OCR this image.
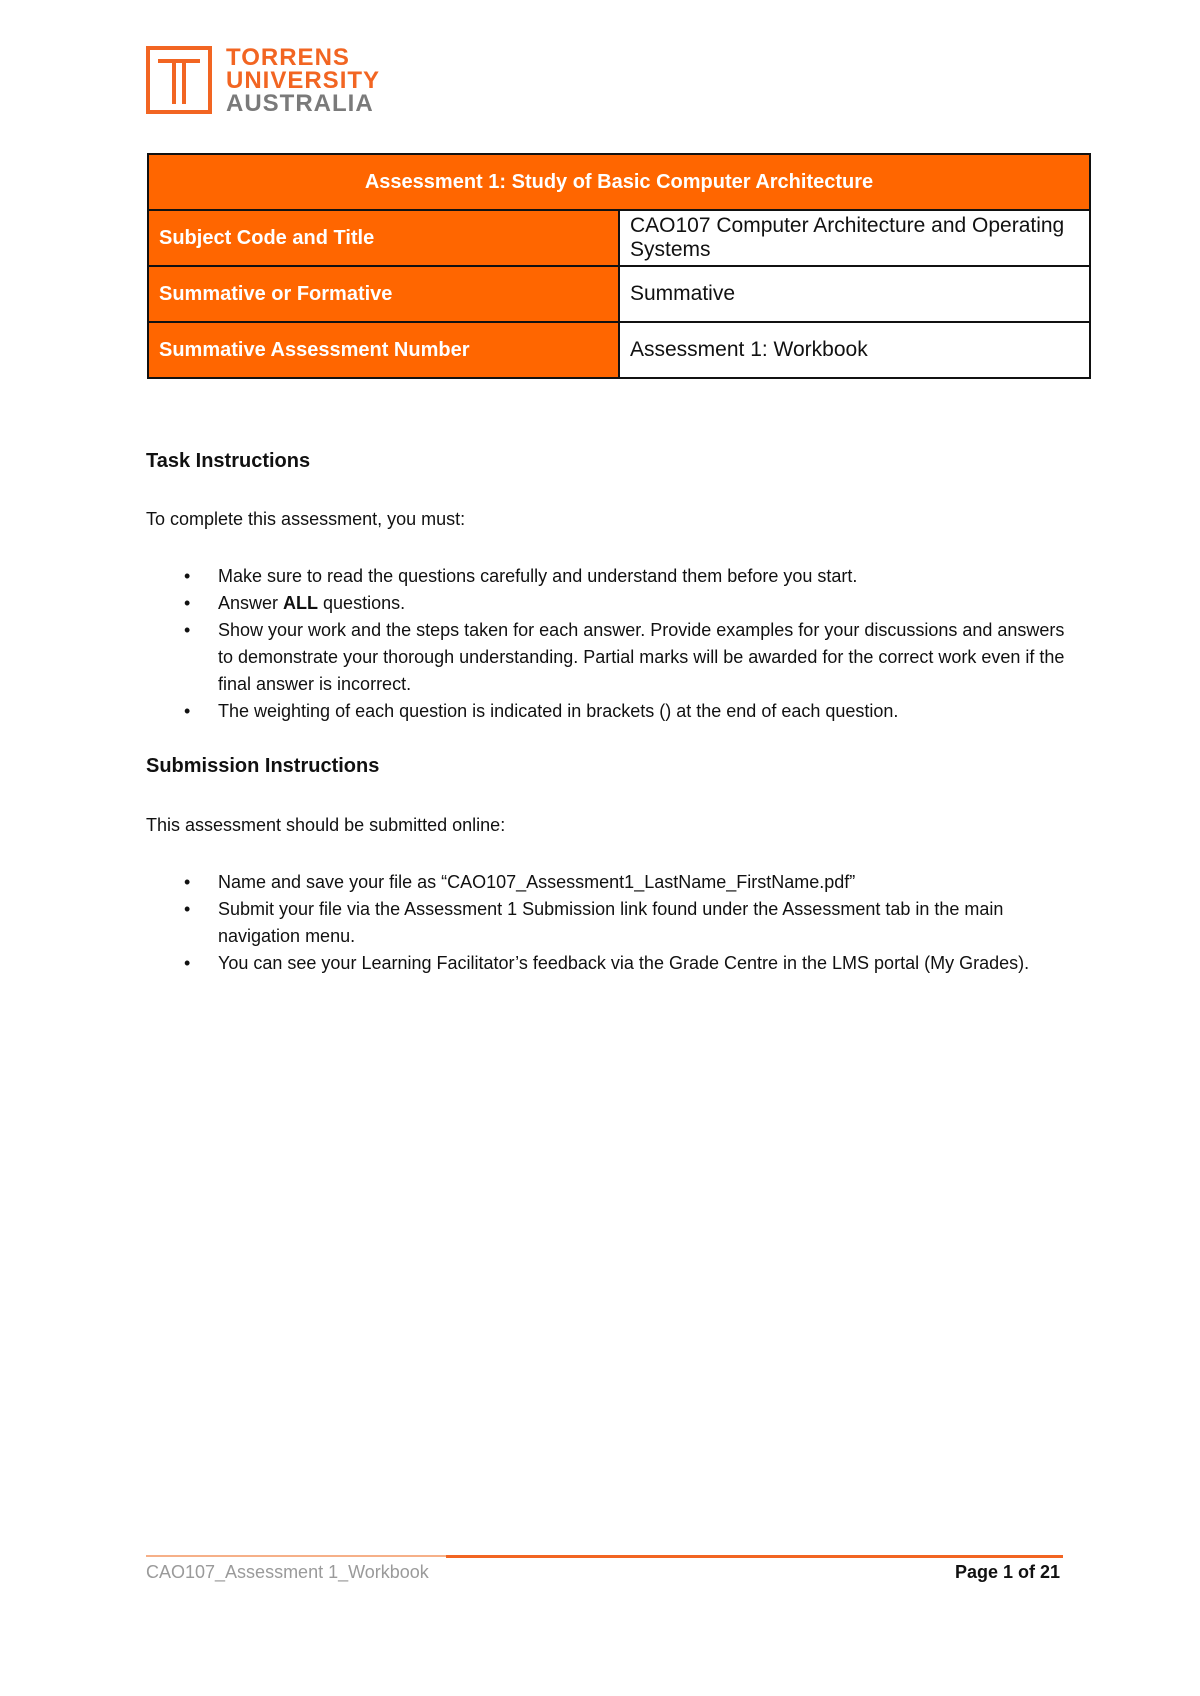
TORRENS
UNIVERSITY
AUSTRALIA
Assessment 1: Study of Basic Computer Architecture	
Subject Code and Title	CAO107 Computer Architecture and Operating Systems
Summative or Formative	Summative
Summative Assessment Number	Assessment 1: Workbook
Task Instructions
To complete this assessment, you must:
• Make sure to read the questions carefully and understand them before you start.
• Answer ALL questions.
• Show your work and the steps taken for each answer. Provide examples for your discussions and answers to demonstrate your thorough understanding. Partial marks will be awarded for the correct work even if the final answer is incorrect.
• The weighting of each question is indicated in brackets () at the end of each question.
Submission Instructions
This assessment should be submitted online:
• Name and save your file as “CAO107_Assessment1_LastName_FirstName.pdf”
• Submit your file via the Assessment 1 Submission link found under the Assessment tab in the main navigation menu.
• You can see your Learning Facilitator’s feedback via the Grade Centre in the LMS portal (My Grades).
CAO107_Assessment 1_Workbook	Page 1 of 21
